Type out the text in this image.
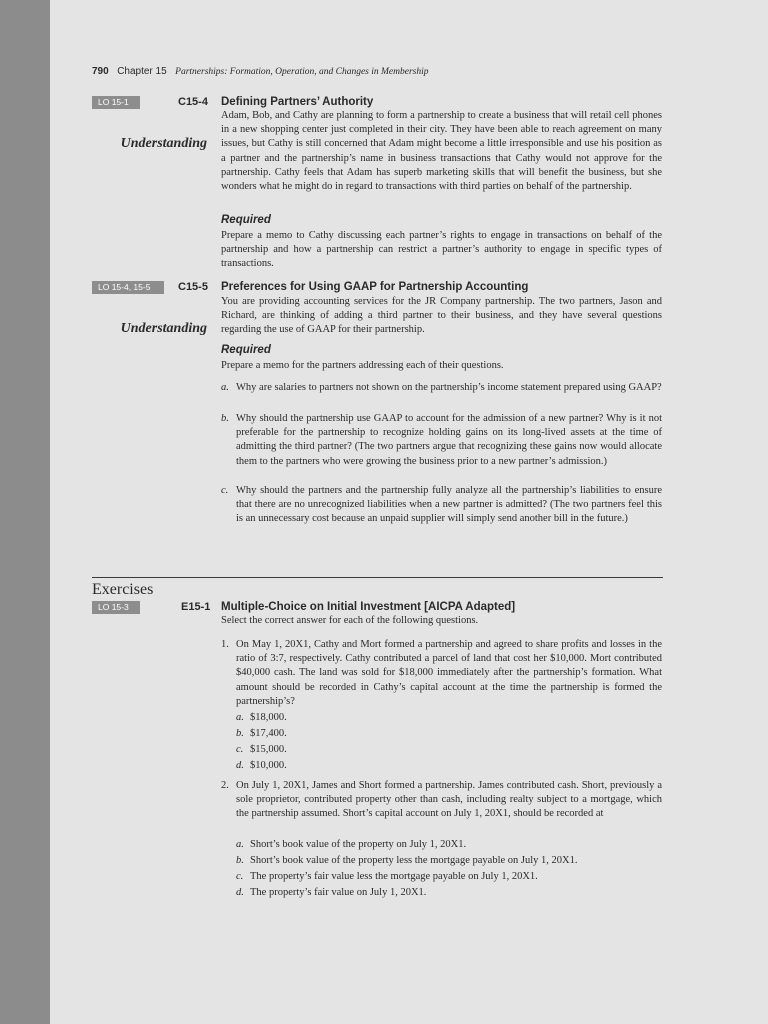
790 Chapter 15 Partnerships: Formation, Operation, and Changes in Membership
LO 15-1	C15-4 Defining Partners’ Authority
Understanding

Adam, Bob, and Cathy are planning to form a partnership to create a business that will retail cell phones in a new shopping center just completed in their city. They have been able to reach agreement on many issues, but Cathy is still concerned that Adam might become a little irresponsible and use his position as a partner and the partnership’s name in business transactions that Cathy would not approve for the partnership. Cathy feels that Adam has superb marketing skills that will benefit the business, but she wonders what he might do in regard to transactions with third parties on behalf of the partnership.

Required

Prepare a memo to Cathy discussing each partner’s rights to engage in transactions on behalf of the partnership and how a partnership can restrict a partner’s authority to engage in specific types of transactions.

LO 15-4, 15-5	C15-5 Preferences for Using GAAP for Partnership Accounting
Understanding

You are providing accounting services for the JR Company partnership. The two partners, Jason and Richard, are thinking of adding a third partner to their business, and they have several questions regarding the use of GAAP for their partnership.

Required

Prepare a memo for the partners addressing each of their questions.

a. Why are salaries to partners not shown on the partnership’s income statement prepared using GAAP?
b. Why should the partnership use GAAP to account for the admission of a new partner? Why is it not preferable for the partnership to recognize holding gains on its long-lived assets at the time of admitting the third partner? (The two partners argue that recognizing these gains now would allocate them to the partners who were growing the business prior to a new partner’s admission.)
c. Why should the partners and the partnership fully analyze all the partnership’s liabilities to ensure that there are no unrecognized liabilities when a new partner is admitted? (The two partners feel this is an unnecessary cost because an unpaid supplier will simply send another bill in the future.)
Exercises
LO 15-3	E15-1 Multiple-Choice on Initial Investment [AICPA Adapted]

Select the correct answer for each of the following questions.

1. On May 1, 20X1, Cathy and Mort formed a partnership and agreed to share profits and losses in the ratio of 3:7, respectively. Cathy contributed a parcel of land that cost her $10,000. Mort contributed $40,000 cash. The land was sold for $18,000 immediately after the partnership’s formation. What amount should be recorded in Cathy’s capital account at the time the partnership is formed the partnership’s?
a. $18,000.
b. $17,400.
c. $15,000.
d. $10,000.
2. On July 1, 20X1, James and Short formed a partnership. James contributed cash. Short, previously a sole proprietor, contributed property other than cash, including realty subject to a mortgage, which the partnership assumed. Short’s capital account on July 1, 20X1, should be recorded at
a. Short’s book value of the property on July 1, 20X1.
b. Short’s book value of the property less the mortgage payable on July 1, 20X1.
c. The property’s fair value less the mortgage payable on July 1, 20X1.
d. The property’s fair value on July 1, 20X1.
